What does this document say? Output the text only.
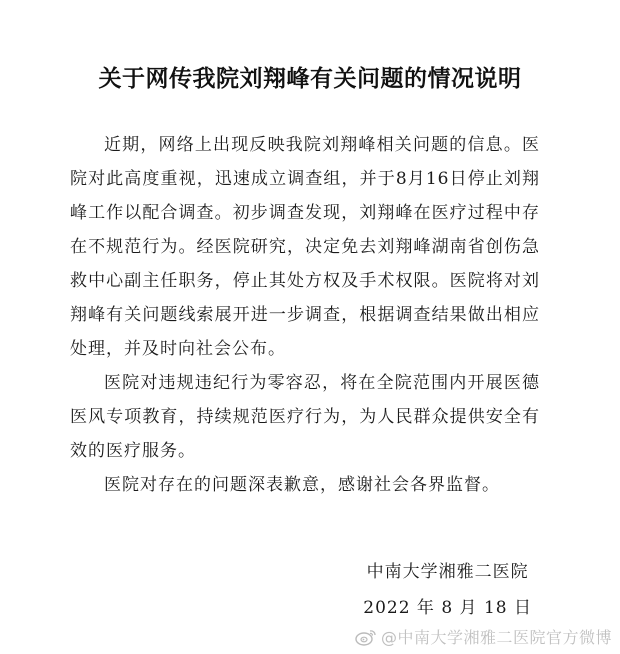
关于网传我院刘翔峰有关问题的情况说明

近期，网络上出现反映我院刘翔峰相关问题的信息。医院对此高度重视，迅速成立调查组，并于8月16日停止刘翔峰工作以配合调查。初步调查发现，刘翔峰在医疗过程中存在不规范行为。经医院研究，决定免去刘翔峰湖南省创伤急救中心副主任职务，停止其处方权及手术权限。医院将对刘翔峰有关问题线索展开进一步调查，根据调查结果做出相应处理，并及时向社会公布。

医院对违规违纪行为零容忍，将在全院范围内开展医德医风专项教育，持续规范医疗行为，为人民群众提供安全有效的医疗服务。

医院对存在的问题深表歉意，感谢社会各界监督。

中南大学湘雅二医院
2022 年 8 月 18 日
@中南大学湘雅二医院官方微博
